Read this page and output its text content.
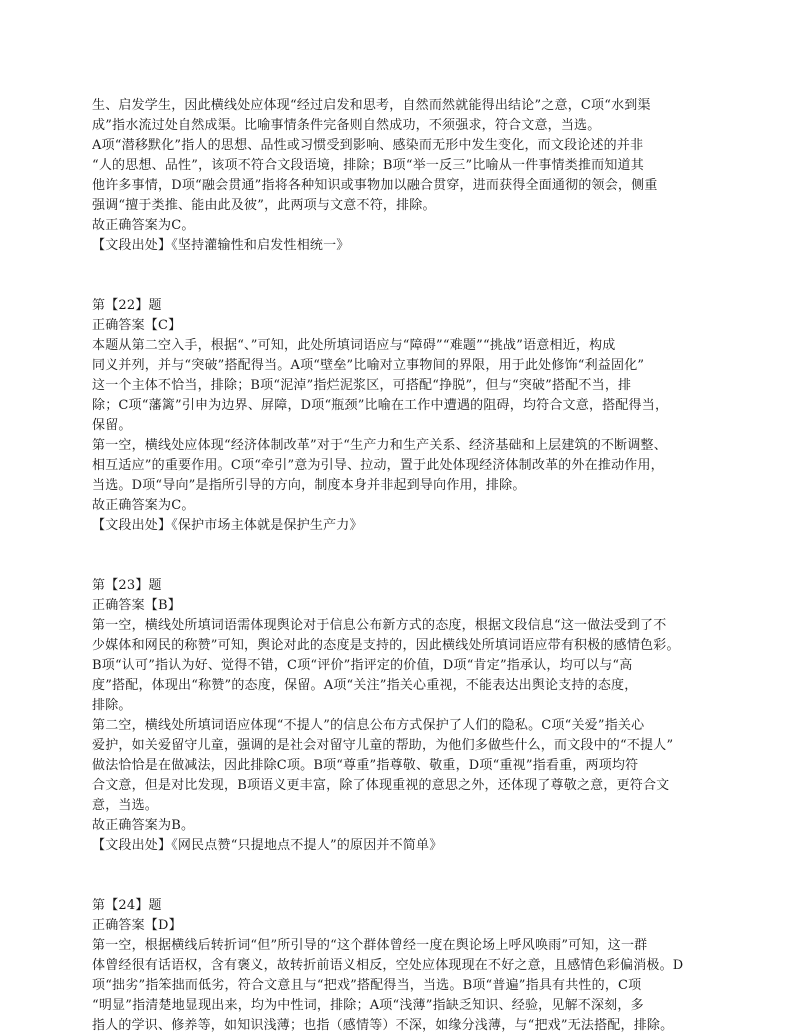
生、启发学生，因此横线处应体现“经过启发和思考，自然而然就能得出结论”之意，C项“水到渠
成”指水流过处自然成渠。比喻事情条件完备则自然成功，不须强求，符合文意，当选。
A项“潜移默化”指人的思想、品性或习惯受到影响、感染而无形中发生变化，而文段论述的并非
“人的思想、品性”，该项不符合文段语境，排除；B项“举一反三”比喻从一件事情类推而知道其
他许多事情，D项“融会贯通”指将各种知识或事物加以融合贯穿，进而获得全面通彻的领会，侧重
强调“擅于类推、能由此及彼”，此两项与文意不符，排除。
故正确答案为C。
【文段出处】《坚持灌输性和启发性相统一》
第【22】题
正确答案【C】
本题从第二空入手，根据“、”可知，此处所填词语应与“障碍”“难题”“挑战”语意相近，构成
同义并列，并与“突破”搭配得当。A项“壁垒”比喻对立事物间的界限，用于此处修饰“利益固化”
这一个主体不恰当，排除；B项“泥淖”指烂泥浆区，可搭配“挣脱”，但与“突破”搭配不当，排
除；C项“藩篱”引申为边界、屏障，D项“瓶颈”比喻在工作中遭遇的阻碍，均符合文意，搭配得当，
保留。
第一空，横线处应体现“经济体制改革”对于“生产力和生产关系、经济基础和上层建筑的不断调整、
相互适应”的重要作用。C项“牵引”意为引导、拉动，置于此处体现经济体制改革的外在推动作用，
当选。D项“导向”是指所引导的方向，制度本身并非起到导向作用，排除。
故正确答案为C。
【文段出处】《保护市场主体就是保护生产力》
第【23】题
正确答案【B】
第一空，横线处所填词语需体现舆论对于信息公布新方式的态度，根据文段信息“这一做法受到了不
少媒体和网民的称赞”可知，舆论对此的态度是支持的，因此横线处所填词语应带有积极的感情色彩。
B项“认可”指认为好、觉得不错，C项“评价”指评定的价值，D项“肯定”指承认，均可以与“高
度”搭配，体现出“称赞”的态度，保留。A项“关注”指关心重视，不能表达出舆论支持的态度，
排除。
第二空，横线处所填词语应体现“不提人”的信息公布方式保护了人们的隐私。C项“关爱”指关心
爱护，如关爱留守儿童，强调的是社会对留守儿童的帮助，为他们多做些什么，而文段中的“不提人”
做法恰恰是在做减法，因此排除C项。B项“尊重”指尊敬、敬重，D项“重视”指看重，两项均符
合文意，但是对比发现，B项语义更丰富，除了体现重视的意思之外，还体现了尊敬之意，更符合文
意，当选。
故正确答案为B。
【文段出处】《网民点赞“只提地点不提人”的原因并不简单》
第【24】题
正确答案【D】
第一空，根据横线后转折词“但”所引导的“这个群体曾经一度在舆论场上呼风唤雨”可知，这一群
体曾经很有话语权，含有褒义，故转折前语义相反，空处应体现现在不好之意，且感情色彩偏消极。D
项“拙劣”指笨拙而低劣，符合文意且与“把戏”搭配得当，当选。B项“普遍”指具有共性的，C项
“明显”指清楚地显现出来，均为中性词，排除；A项“浅薄”指缺乏知识、经验，见解不深刻，多
指人的学识、修养等，如知识浅薄；也指（感情等）不深，如缘分浅薄，与“把戏”无法搭配，排除。
